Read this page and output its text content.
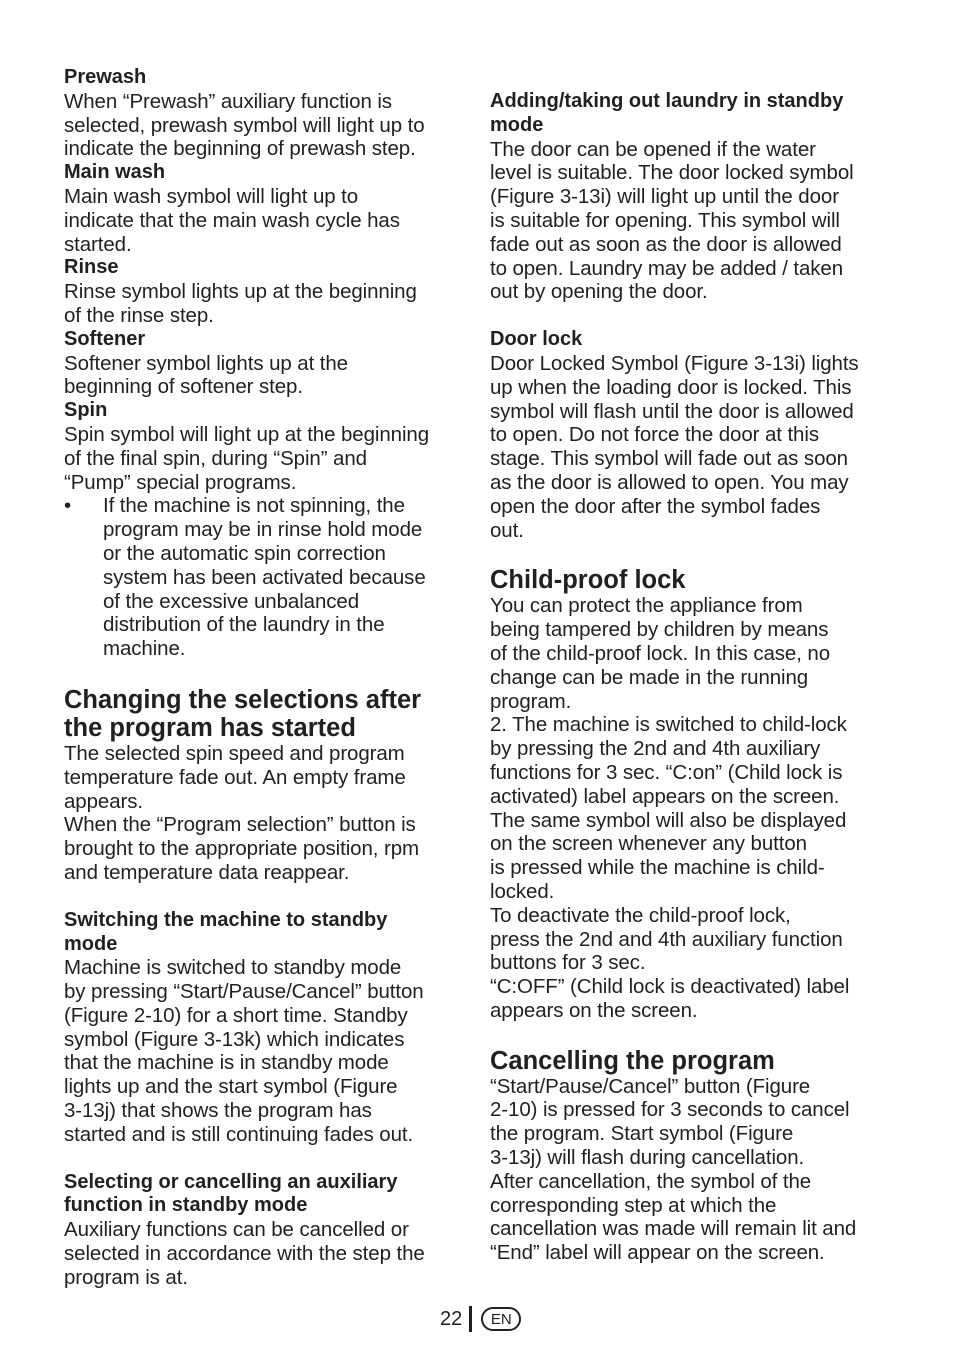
Prewash

When “Prewash” auxiliary function is
selected, prewash symbol will light up to
indicate the beginning of prewash step.

Main wash

Main wash symbol will light up to
indicate that the main wash cycle has
started.

Rinse

Rinse symbol lights up at the beginning
of the rinse step.

Softener

Softener symbol lights up at the
beginning of softener step.

Spin

Spin symbol will light up at the beginning
of the final spin, during “Spin” and
“Pump” special programs.
• If the machine is not spinning, the
program may be in rinse hold mode
or the automatic spin correction
system has been activated because
of the excessive unbalanced
distribution of the laundry in the
machine.
Changing the selections after
the program has started
The selected spin speed and program
temperature fade out. An empty frame
appears.
When the “Program selection” button is
brought to the appropriate position, rpm
and temperature data reappear.
Switching the machine to standby
mode
Machine is switched to standby mode
by pressing “Start/Pause/Cancel” button
(Figure 2-10) for a short time. Standby
symbol (Figure 3-13k) which indicates
that the machine is in standby mode
lights up and the start symbol (Figure
3-13j) that shows the program has
started and is still continuing fades out.
Selecting or cancelling an auxiliary
function in standby mode
Auxiliary functions can be cancelled or
selected in accordance with the step the
program is at.
Adding/taking out laundry in standby
mode
The door can be opened if the water
level is suitable. The door locked symbol
(Figure 3-13i) will light up until the door
is suitable for opening. This symbol will
fade out as soon as the door is allowed
to open. Laundry may be added / taken
out by opening the door.

Door lock

Door Locked Symbol (Figure 3-13i) lights
up when the loading door is locked. This
symbol will flash until the door is allowed
to open. Do not force the door at this
stage. This symbol will fade out as soon
as the door is allowed to open. You may
open the door after the symbol fades
out.

Child-proof lock

You can protect the appliance from
being tampered by children by means
of the child-proof lock. In this case, no
change can be made in the running
program.
2. The machine is switched to child-lock
by pressing the 2nd and 4th auxiliary
functions for 3 sec. “C:on” (Child lock is
activated) label appears on the screen.
The same symbol will also be displayed
on the screen whenever any button
is pressed while the machine is child-
locked.
To deactivate the child-proof lock,
press the 2nd and 4th auxiliary function
buttons for 3 sec.
“C:OFF” (Child lock is deactivated) label
appears on the screen.

Cancelling the program

“Start/Pause/Cancel” button (Figure
2-10) is pressed for 3 seconds to cancel
the program. Start symbol (Figure
3-13j) will flash during cancellation.
After cancellation, the symbol of the
corresponding step at which the
cancellation was made will remain lit and
“End” label will appear on the screen.
22	EN
